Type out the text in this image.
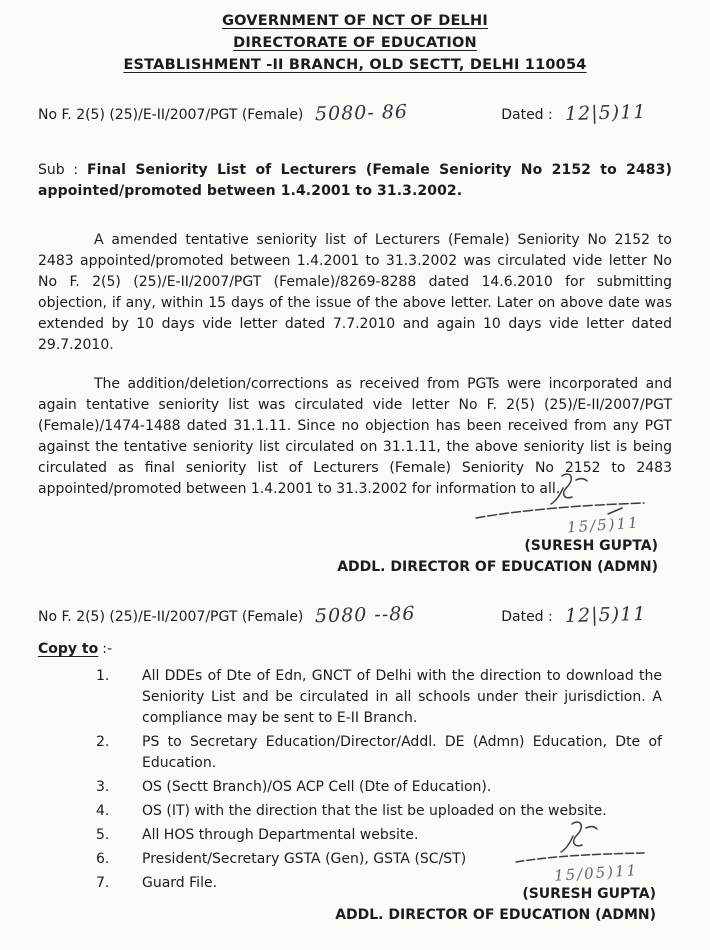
GOVERNMENT OF NCT OF DELHI
DIRECTORATE OF EDUCATION
ESTABLISHMENT -II BRANCH, OLD SECTT, DELHI 110054
No F. 2(5) (25)/E-II/2007/PGT (Female) 5080- 86	Dated : 12|5)11
Sub : Final Seniority List of Lecturers (Female Seniority No 2152 to 2483) appointed/promoted between 1.4.2001 to 31.3.2002.
A amended tentative seniority list of Lecturers (Female) Seniority No 2152 to 2483 appointed/promoted between 1.4.2001 to 31.3.2002 was circulated vide letter No No F. 2(5) (25)/E-II/2007/PGT (Female)/8269-8288 dated 14.6.2010 for submitting objection, if any, within 15 days of the issue of the above letter. Later on above date was extended by 10 days vide letter dated 7.7.2010 and again 10 days vide letter dated 29.7.2010.
The addition/deletion/corrections as received from PGTs were incorporated and again tentative seniority list was circulated vide letter No F. 2(5) (25)/E-II/2007/PGT (Female)/1474-1488 dated 31.1.11. Since no objection has been received from any PGT against the tentative seniority list circulated on 31.1.11, the above seniority list is being circulated as final seniority list of Lecturers (Female) Seniority No 2152 to 2483 appointed/promoted between 1.4.2001 to 31.3.2002 for information to all.
15/5)11
(SURESH GUPTA)
ADDL. DIRECTOR OF EDUCATION (ADMN)
No F. 2(5) (25)/E-II/2007/PGT (Female) 5080 --86	Dated : 12|5)11
Copy to :-
1.	All DDEs of Dte of Edn, GNCT of Delhi with the direction to download the Seniority List and be circulated in all schools under their jurisdiction. A compliance may be sent to E-II Branch.
2.	PS to Secretary Education/Director/Addl. DE (Admn) Education, Dte of Education.
3.	OS (Sectt Branch)/OS ACP Cell (Dte of Education).
4.	OS (IT) with the direction that the list be uploaded on the website.
5.	All HOS through Departmental website.
6.	President/Secretary GSTA (Gen), GSTA (SC/ST)
7.	Guard File.	15/05)11
(SURESH GUPTA)
ADDL. DIRECTOR OF EDUCATION (ADMN)
